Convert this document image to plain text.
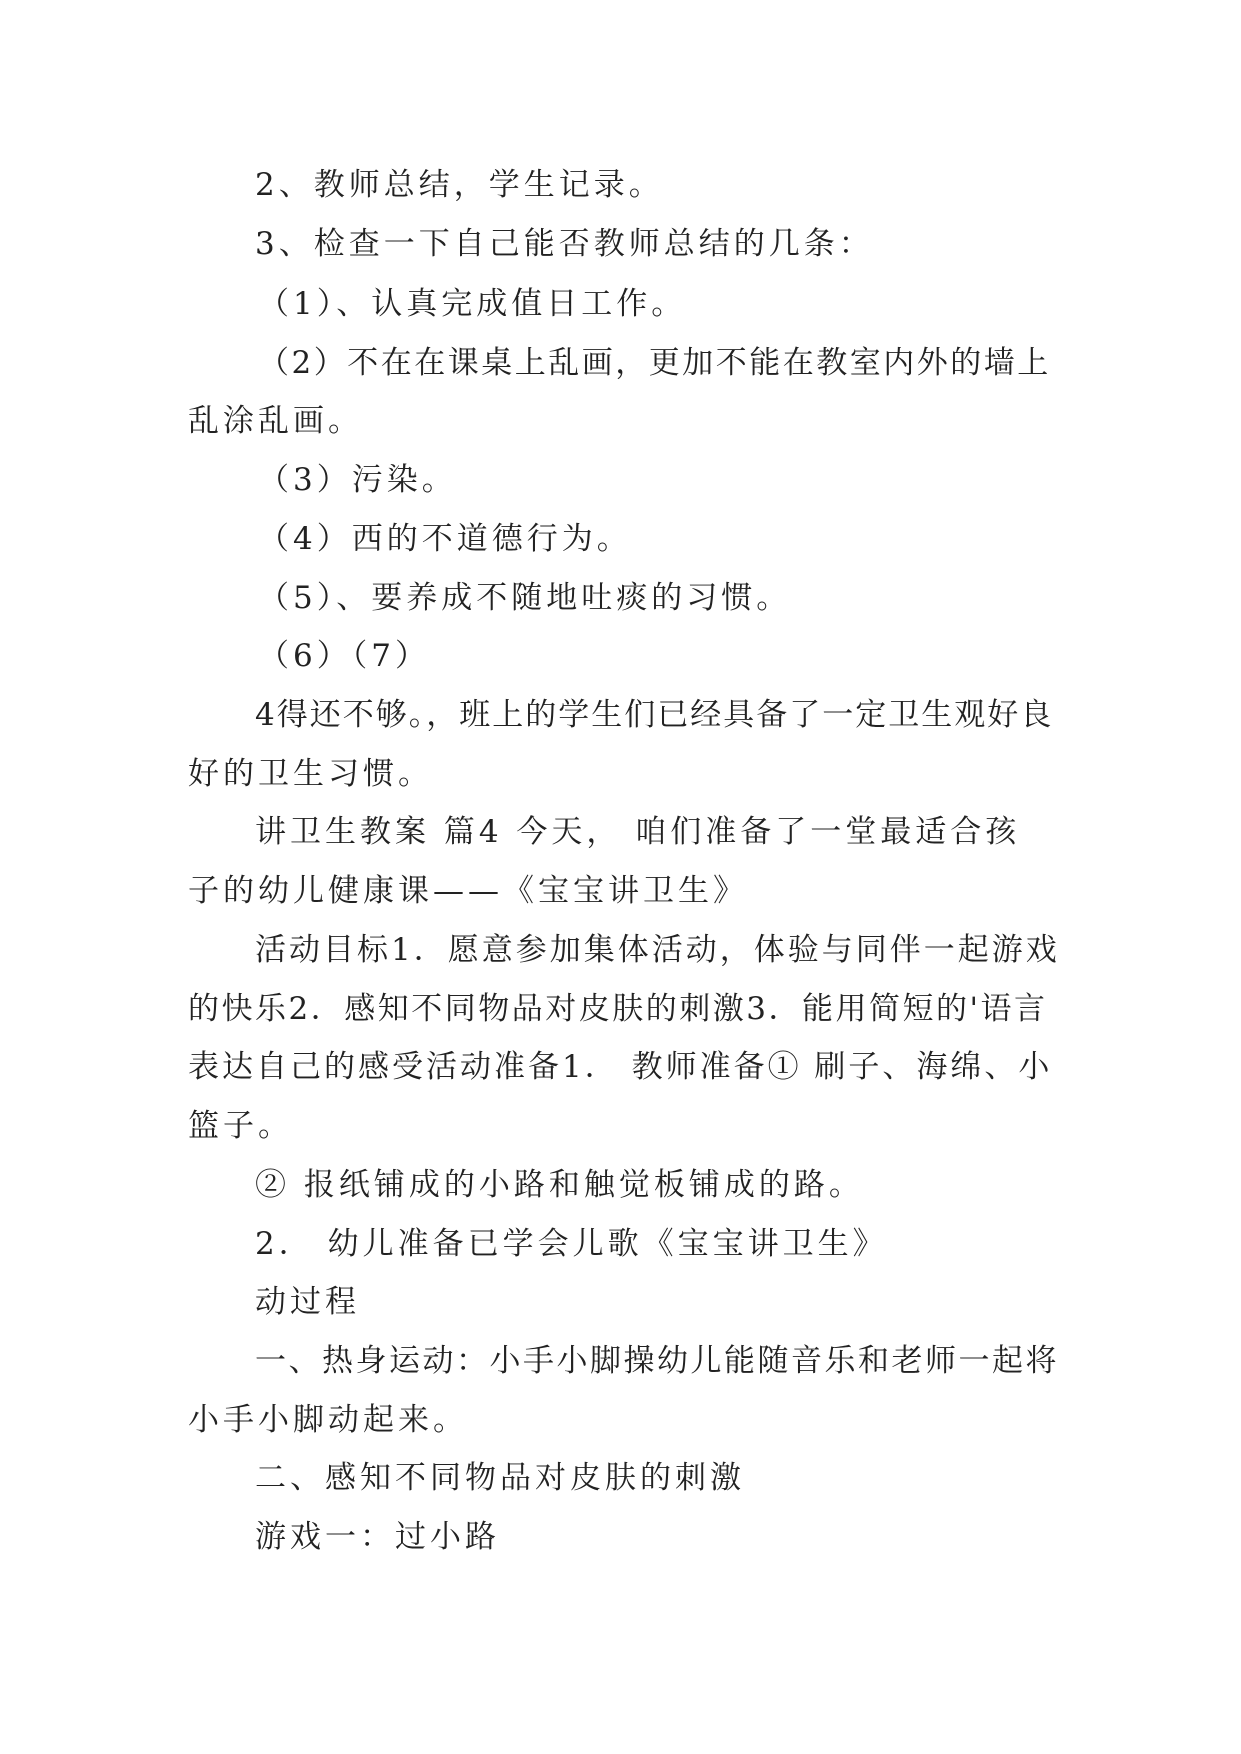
2、教师总结，学生记录。
3、检查一下自己能否教师总结的几条：
（1）、认真完成值日工作。
（2）不在在课桌上乱画，更加不能在教室内外的墙上
乱涂乱画。
（3）污染。
（4）西的不道德行为。
（5）、要养成不随地吐痰的习惯。
（6）（7）
4得还不够。，班上的学生们已经具备了一定卫生观好良
好的卫生习惯。
讲卫生教案 篇4 今天， 咱们准备了一堂最适合孩
子的幼儿健康课——《宝宝讲卫生》
活动目标1．愿意参加集体活动，体验与同伴一起游戏
的快乐2．感知不同物品对皮肤的刺激3．能用简短的'语言
表达自己的感受活动准备1． 教师准备① 刷子、海绵、小
篮子。
② 报纸铺成的小路和触觉板铺成的路。
2． 幼儿准备已学会儿歌《宝宝讲卫生》
动过程
一、热身运动：小手小脚操幼儿能随音乐和老师一起将
小手小脚动起来。
二、感知不同物品对皮肤的刺激
游戏一：过小路
